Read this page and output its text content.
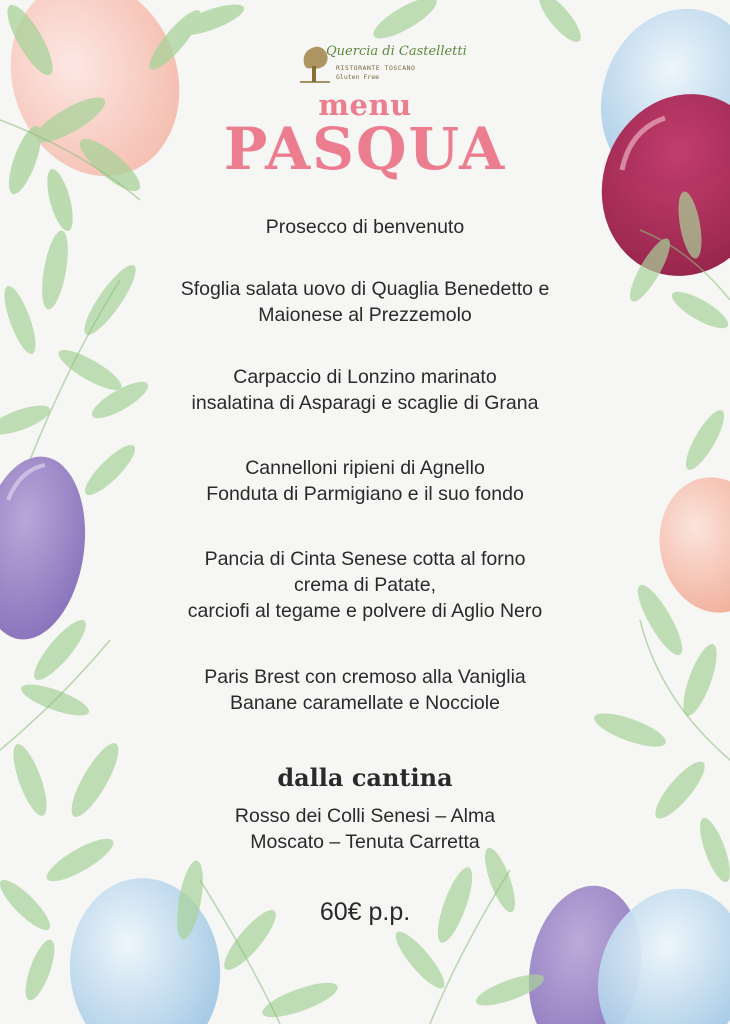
Quercia di Castelletti
RISTORANTE TOSCANO
Gluten Free
menu
PASQUA
Prosecco di benvenuto
Sfoglia salata uovo di Quaglia Benedetto e
Maionese al Prezzemolo
Carpaccio di Lonzino marinato
insalatina di Asparagi e scaglie di Grana
Cannelloni ripieni di Agnello
Fonduta di Parmigiano e il suo fondo
Pancia di Cinta Senese cotta al forno
crema di Patate,
carciofi al tegame e polvere di Aglio Nero
Paris Brest con cremoso alla Vaniglia
Banane caramellate e Nocciole
dalla cantina
Rosso dei Colli Senesi – Alma
Moscato – Tenuta Carretta
60€ p.p.
